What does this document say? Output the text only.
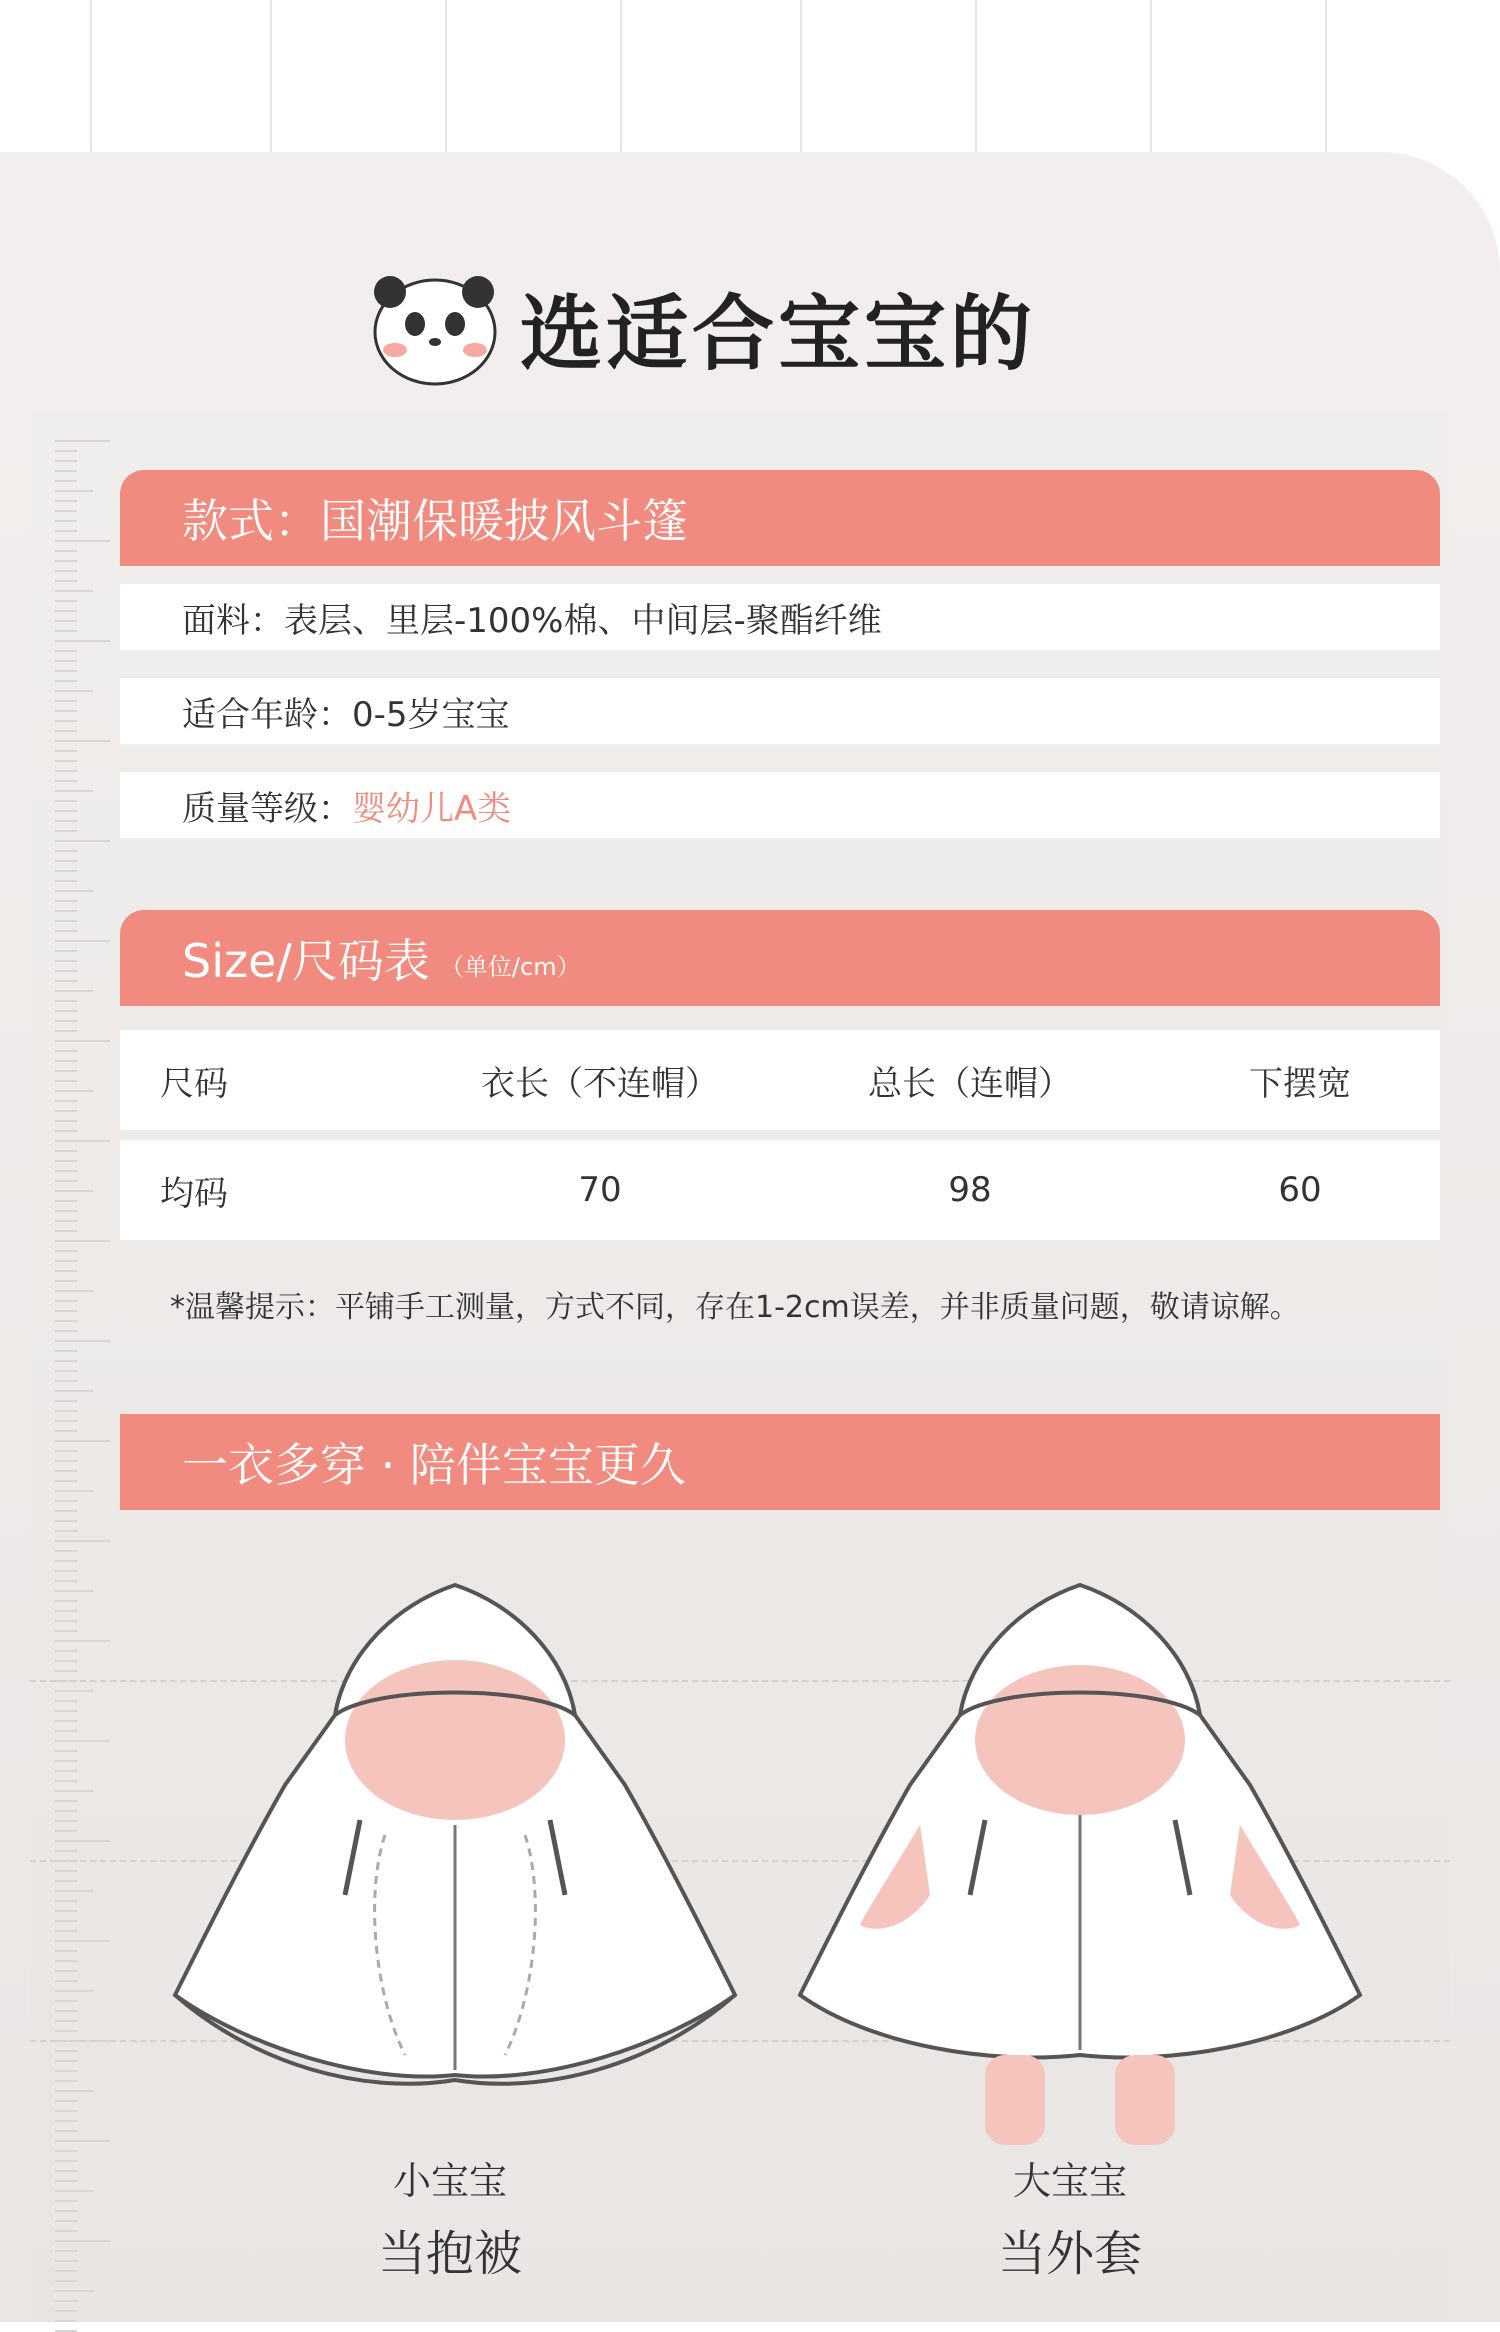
选适合宝宝的
款式：国潮保暖披风斗篷
面料：表层、里层-100%棉、中间层-聚酯纤维
适合年龄：0-5岁宝宝
质量等级： 婴幼儿A类
Size/尺码表 （单位/cm）
尺码	衣长（不连帽）	总长（连帽）	下摆宽
均码	70	98	60
*温馨提示：平铺手工测量，方式不同，存在1-2cm误差，并非质量问题，敬请谅解。
一衣多穿 · 陪伴宝宝更久
小宝宝
当抱被
大宝宝
当外套
